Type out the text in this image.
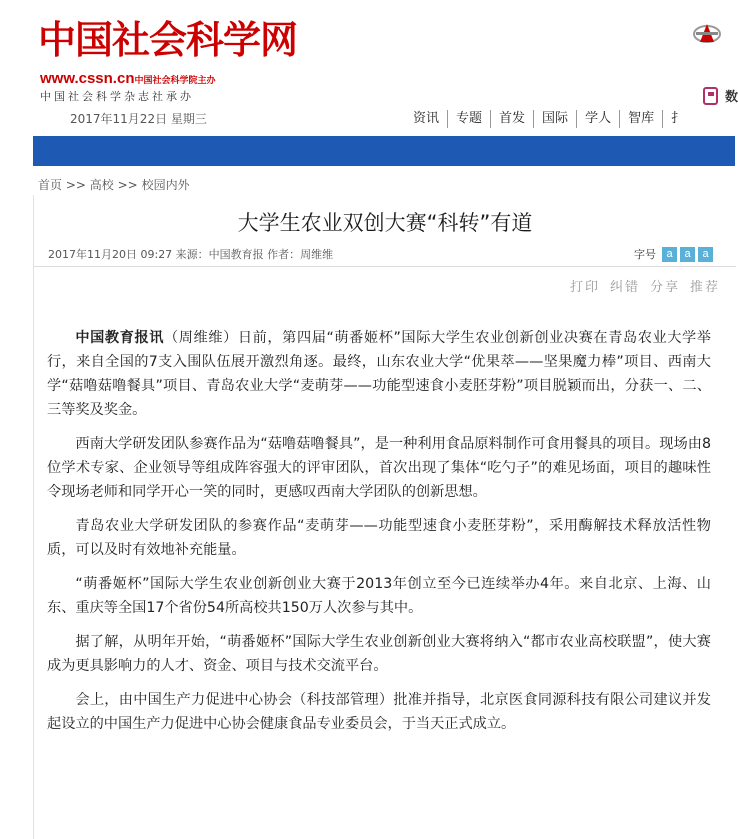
中国社会科学网
www.cssn.cn中国社会科学院主办
中国社会科学杂志社承办
2017年11月22日 星期三
数
资讯	专题	首发	国际	学人	智库	扌
首页 >> 高校 >> 校园内外
大学生农业双创大赛“科转”有道
2017年11月20日 09:27 来源：中国教育报 作者：周维维	字号 a	a	a
打印 纠错 分享 推荐

中国教育报讯（周维维）日前，第四届“萌番姬杯”国际大学生农业创新创业决赛在青岛农业大学举行，来自全国的7支入围队伍展开激烈角逐。最终，山东农业大学“优果萃——坚果魔力棒”项目、西南大学“菇噜菇噜餐具”项目、青岛农业大学“麦萌芽——功能型速食小麦胚芽粉”项目脱颖而出，分获一、二、三等奖及奖金。

西南大学研发团队参赛作品为“菇噜菇噜餐具”，是一种利用食品原料制作可食用餐具的项目。现场由8位学术专家、企业领导等组成阵容强大的评审团队，首次出现了集体“吃勺子”的难见场面，项目的趣味性令现场老师和同学开心一笑的同时，更感叹西南大学团队的创新思想。

青岛农业大学研发团队的参赛作品“麦萌芽——功能型速食小麦胚芽粉”，采用酶解技术释放活性物质，可以及时有效地补充能量。

“萌番姬杯”国际大学生农业创新创业大赛于2013年创立至今已连续举办4年。来自北京、上海、山东、重庆等全国17个省份54所高校共150万人次参与其中。

据了解，从明年开始，“萌番姬杯”国际大学生农业创新创业大赛将纳入“都市农业高校联盟”，使大赛成为更具影响力的人才、资金、项目与技术交流平台。

会上，由中国生产力促进中心协会（科技部管理）批准并指导，北京医食同源科技有限公司建议并发起设立的中国生产力促进中心协会健康食品专业委员会，于当天正式成立。
